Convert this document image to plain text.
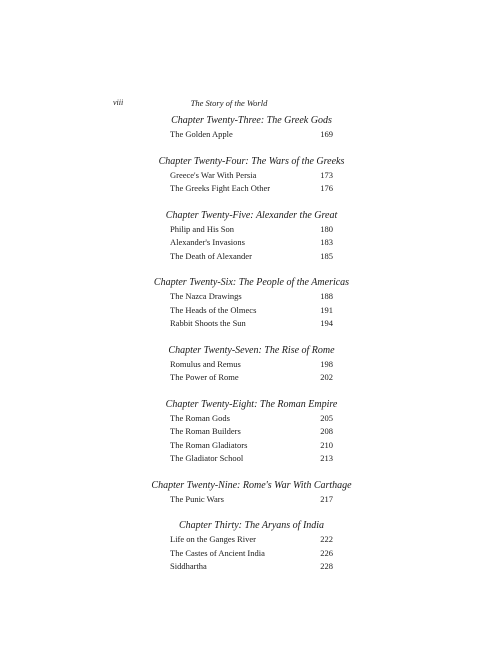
viii	The Story of the World
Chapter Twenty-Three: The Greek Gods
The Golden Apple	169
Chapter Twenty-Four: The Wars of the Greeks
Greece's War With Persia	173
The Greeks Fight Each Other	176
Chapter Twenty-Five: Alexander the Great
Philip and His Son	180
Alexander's Invasions	183
The Death of Alexander	185
Chapter Twenty-Six: The People of the Americas
The Nazca Drawings	188
The Heads of the Olmecs	191
Rabbit Shoots the Sun	194
Chapter Twenty-Seven: The Rise of Rome
Romulus and Remus	198
The Power of Rome	202
Chapter Twenty-Eight: The Roman Empire
The Roman Gods	205
The Roman Builders	208
The Roman Gladiators	210
The Gladiator School	213
Chapter Twenty-Nine: Rome's War With Carthage
The Punic Wars	217
Chapter Thirty: The Aryans of India
Life on the Ganges River	222
The Castes of Ancient India	226
Siddhartha	228
